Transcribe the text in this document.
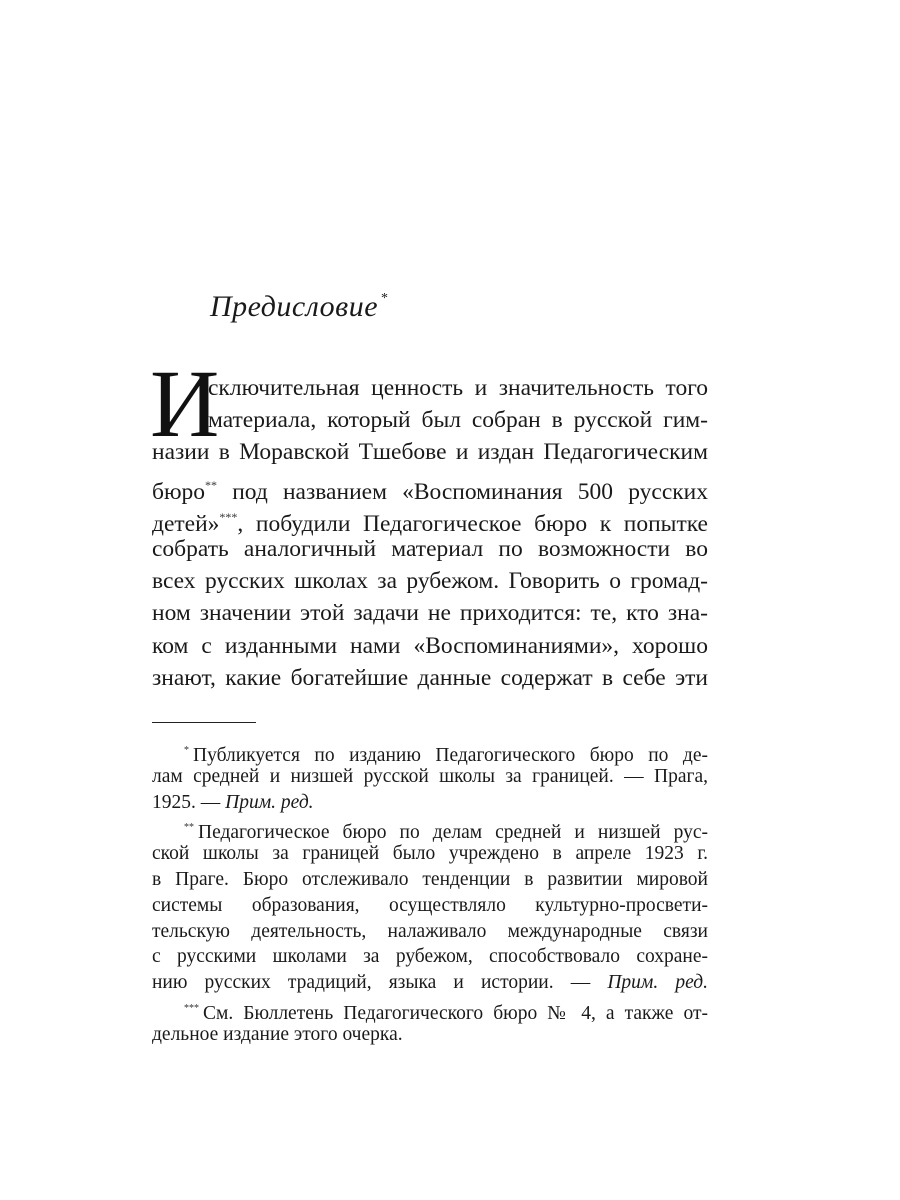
Предисловие *
И
сключительная ценность и значительность того
материала, который был собран в русской гим-
назии в Моравской Тшебове и издан Педагогическим
бюро** под названием «Воспоминания 500 русских
детей»***, побудили Педагогическое бюро к попытке
собрать аналогичный материал по возможности во
всех русских школах за рубежом. Говорить о громад-
ном значении этой задачи не приходится: те, кто зна-
ком с изданными нами «Воспоминаниями», хорошо
знают, какие богатейшие данные содержат в себе эти
* Публикуется по изданию Педагогического бюро по де-
лам средней и низшей русской школы за границей. — Прага,
1925. — Прим. ред.
** Педагогическое бюро по делам средней и низшей рус-
ской школы за границей было учреждено в апреле 1923 г.
в Праге. Бюро отслеживало тенденции в развитии мировой
системы образования, осуществляло культурно-просвети-
тельскую деятельность, налаживало международные связи
с русскими школами за рубежом, способствовало сохране-
нию русских традиций, языка и истории. — Прим. ред.
*** См. Бюллетень Педагогического бюро № 4, а также от-
дельное издание этого очерка.
